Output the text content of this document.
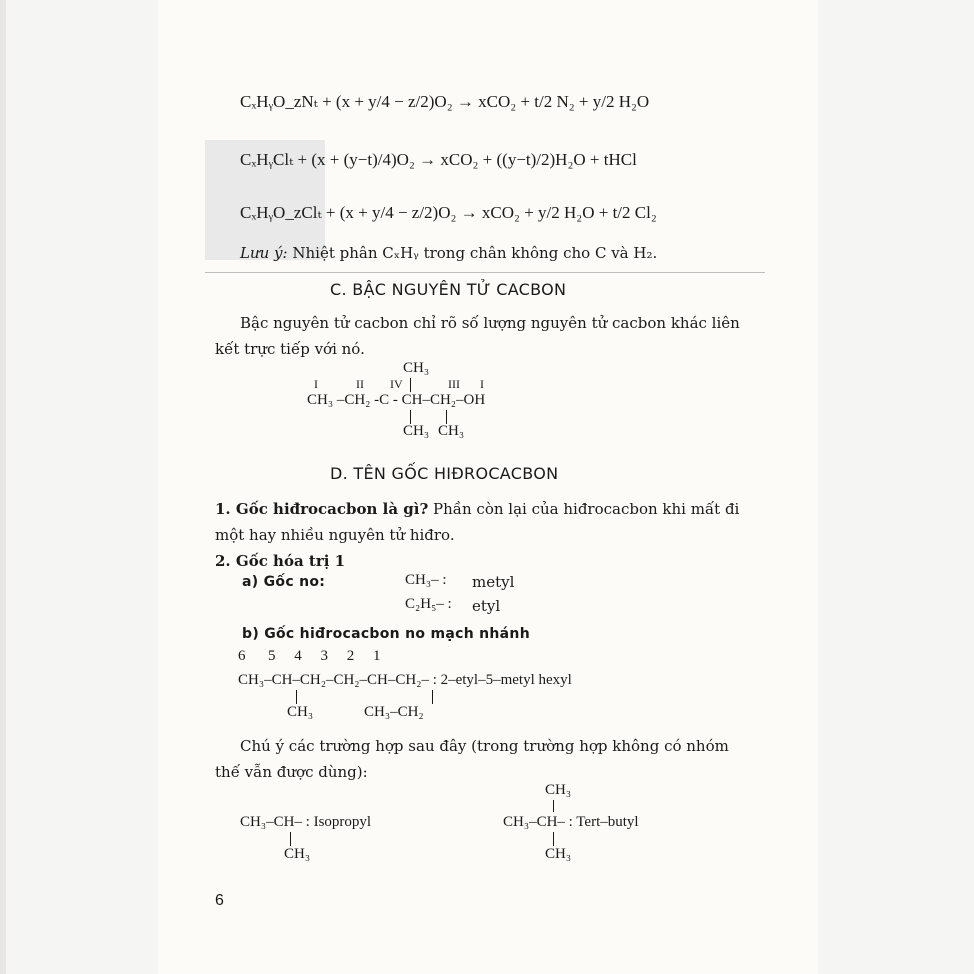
CₓHᵧO_zNₜ + (x + y/4 − z/2)O₂ → xCO₂ + t/2 N₂ + y/2 H₂O
CₓHᵧClₜ + (x + (y−t)/4)O₂ → xCO₂ + ((y−t)/2)H₂O + tHCl
CₓHᵧO_zClₜ + (x + y/4 − z/2)O₂ → xCO₂ + y/2 H₂O + t/2 Cl₂
Lưu ý: Nhiệt phân CₓHᵧ trong chân không cho C và H₂.
C. BẬC NGUYÊN TỬ CACBON
Bậc nguyên tử cacbon chỉ rõ số lượng nguyên tử cacbon khác liên
kết trực tiếp với nó.
CH₃
I	II IV	III I
CH₃ –CH₂ -C - CH–CH₂–OH
CH₃ CH₃
D. TÊN GỐC HIĐROCACBON
1. Gốc hiđrocacbon là gì? Phần còn lại của hiđrocacbon khi mất đi
một hay nhiều nguyên tử hiđro.
2. Gốc hóa trị 1
a) Gốc no:	CH₃– : metyl
C₂H₅– : etyl
b) Gốc hiđrocacbon no mạch nhánh
6      5     4     3     2     1
CH₃–CH–CH₂–CH₂–CH–CH₂– : 2–etyl–5–metyl hexyl
CH₃	CH₃–CH₂
Chú ý các trường hợp sau đây (trong trường hợp không có nhóm
thế vẫn được dùng):
CH₃
CH₃–CH– : Isopropyl	CH₃–CH– : Tert–butyl
CH₃	CH₃
6
